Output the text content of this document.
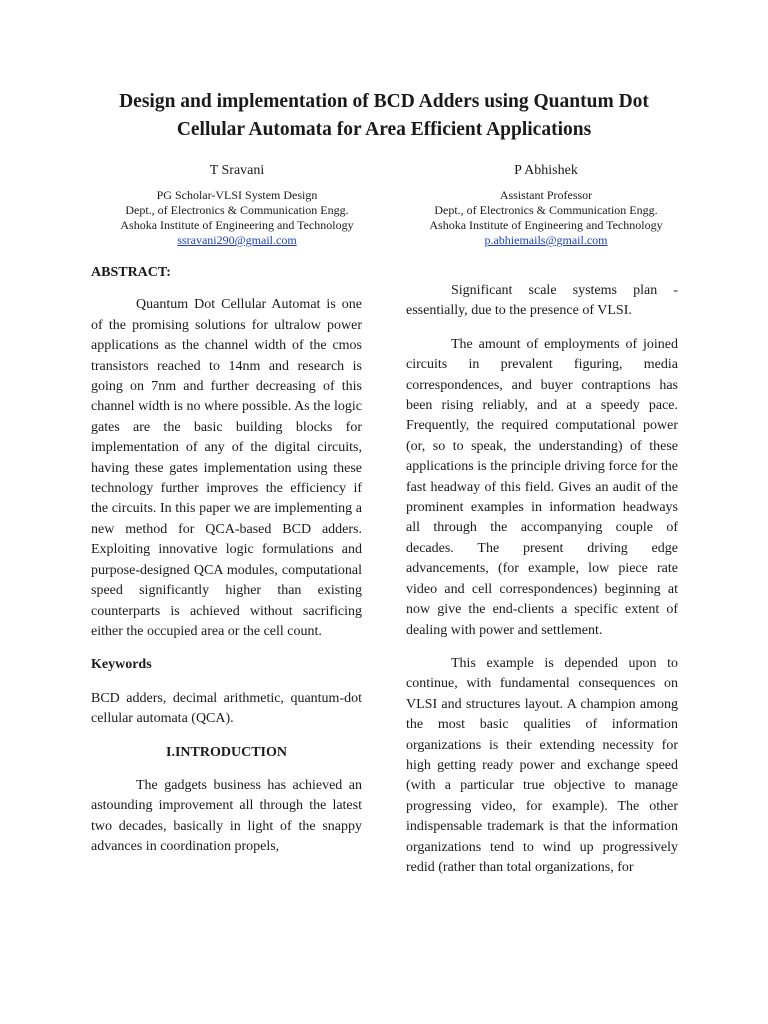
Design and implementation of BCD Adders using Quantum Dot
Cellular Automata for Area Efficient Applications
T Sravani
PG Scholar-VLSI System Design
Dept., of Electronics & Communication Engg.
Ashoka Institute of Engineering and Technology
ssravani290@gmail.com
P Abhishek
Assistant Professor
Dept., of Electronics & Communication Engg.
Ashoka Institute of Engineering and Technology
p.abhiemails@gmail.com

ABSTRACT:

Quantum Dot Cellular Automat is one of the promising solutions for ultralow power applications as the channel width of the cmos transistors reached to 14nm and research is going on 7nm and further decreasing of this channel width is no where possible. As the logic gates are the basic building blocks for implementation of any of the digital circuits, having these gates implementation using these technology further improves the efficiency if the circuits. In this paper we are implementing a new method for QCA-based BCD adders. Exploiting innovative logic formulations and purpose-designed QCA modules, computational speed significantly higher than existing counterparts is achieved without sacrificing either the occupied area or the cell count.

Keywords

BCD adders, decimal arithmetic, quantum-dot cellular automata (QCA).

I.INTRODUCTION

The gadgets business has achieved an astounding improvement all through the latest two decades, basically in light of the snappy advances in coordination propels,

Significant scale systems plan - essentially, due to the presence of VLSI.

The amount of employments of joined circuits in prevalent figuring, media correspondences, and buyer contraptions has been rising reliably, and at a speedy pace. Frequently, the required computational power (or, so to speak, the understanding) of these applications is the principle driving force for the fast headway of this field. Gives an audit of the prominent examples in information headways all through the accompanying couple of decades. The present driving edge advancements, (for example, low piece rate video and cell correspondences) beginning at now give the end-clients a specific extent of dealing with power and settlement.

This example is depended upon to continue, with fundamental consequences on VLSI and structures layout. A champion among the most basic qualities of information organizations is their extending necessity for high getting ready power and exchange speed (with a particular true objective to manage progressing video, for example). The other indispensable trademark is that the information organizations tend to wind up progressively redid (rather than total organizations, for
